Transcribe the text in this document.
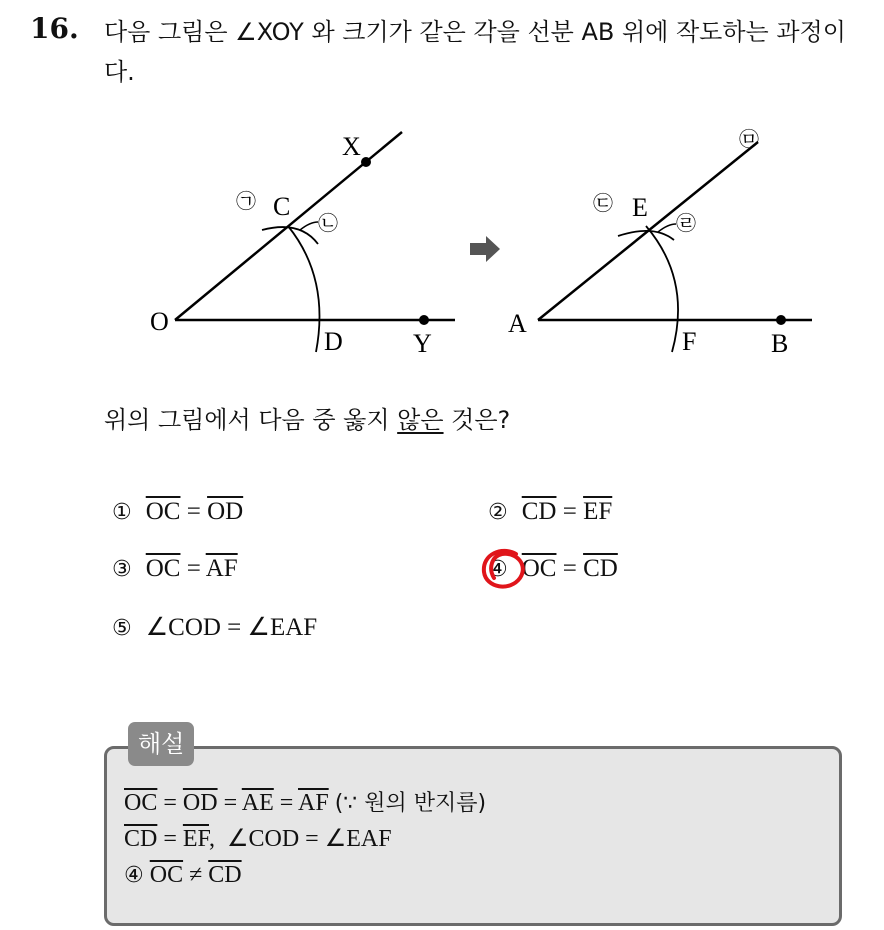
16. 다음 그림은 ∠XOY 와 크기가 같은 각을 선분 AB 위에 작도하는 과정이다.
X
C
O
D	Y
㉠
㉡
E
A
F	B
㉢
㉣
㉤
위의 그림에서 다음 중 옳지 않은 것은?
① $\overline{OC} = \overline{OD}$	② $\overline{CD} = \overline{EF}$
③ $\overline{OC} = \overline{AF}$	④ $\overline{OC} = \overline{CD}$
⑤ ∠COD = ∠EAF
해설
$\overline{OC} = \overline{OD} = \overline{AE} = \overline{AF}$ (∵ 원의 반지름)
$\overline{CD} = \overline{EF}$,  ∠COD = ∠EAF
④ $\overline{OC} \ne \overline{CD}$
